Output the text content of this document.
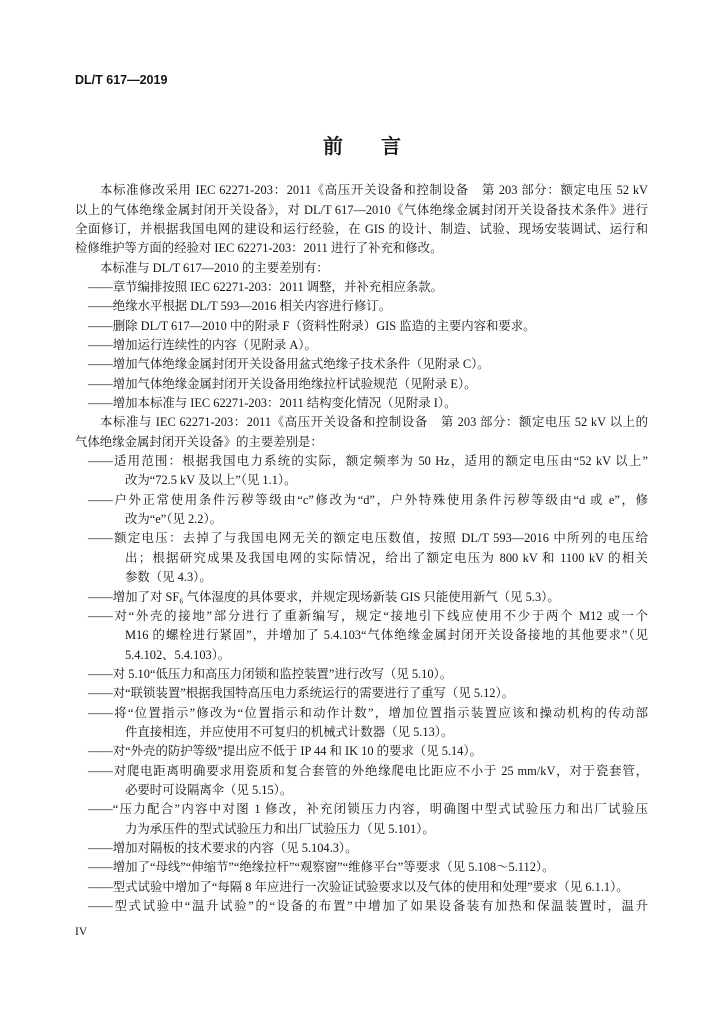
DL/T 617—2019
前　言
本标准修改采用 IEC 62271-203：2011《高压开关设备和控制设备　第 203 部分：额定电压 52 kV
以上的气体绝缘金属封闭开关设备》，对 DL/T 617—2010《气体绝缘金属封闭开关设备技术条件》进行
全面修订，并根据我国电网的建设和运行经验，在 GIS 的设计、制造、试验、现场安装调试、运行和
检修维护等方面的经验对 IEC 62271-203：2011 进行了补充和修改。
本标准与 DL/T 617—2010 的主要差别有：
——章节编排按照 IEC 62271-203：2011 调整，并补充相应条款。
——绝缘水平根据 DL/T 593—2016 相关内容进行修订。
——删除 DL/T 617—2010 中的附录 F（资料性附录）GIS 监造的主要内容和要求。
——增加运行连续性的内容（见附录 A）。
——增加气体绝缘金属封闭开关设备用盆式绝缘子技术条件（见附录 C）。
——增加气体绝缘金属封闭开关设备用绝缘拉杆试验规范（见附录 E）。
——增加本标准与 IEC 62271-203：2011 结构变化情况（见附录 I）。
本标准与 IEC 62271-203：2011《高压开关设备和控制设备　第 203 部分：额定电压 52 kV 以上的
气体绝缘金属封闭开关设备》的主要差别是：
——适用范围：根据我国电力系统的实际，额定频率为 50 Hz，适用的额定电压由“52 kV 以上”
改为“72.5 kV 及以上”（见 1.1）。
——户外正常使用条件污秽等级由“c”修改为“d”，户外特殊使用条件污秽等级由“d 或 e”，修
改为“e”（见 2.2）。
——额定电压：去掉了与我国电网无关的额定电压数值，按照 DL/T 593—2016 中所列的电压给
出；根据研究成果及我国电网的实际情况，给出了额定电压为 800 kV 和 1100 kV 的相关
参数（见 4.3）。
——增加了对 SF₆ 气体湿度的具体要求，并规定现场新装 GIS 只能使用新气（见 5.3）。
——对“外壳的接地”部分进行了重新编写，规定“接地引下线应使用不少于两个 M12 或一个
M16 的螺栓进行紧固”，并增加了 5.4.103“气体绝缘金属封闭开关设备接地的其他要求”（见
5.4.102、5.4.103）。
——对 5.10“低压力和高压力闭锁和监控装置”进行改写（见 5.10）。
——对“联锁装置”根据我国特高压电力系统运行的需要进行了重写（见 5.12）。
——将“位置指示”修改为“位置指示和动作计数”，增加位置指示装置应该和操动机构的传动部
件直接相连，并应使用不可复归的机械式计数器（见 5.13）。
——对“外壳的防护等级”提出应不低于 IP 44 和 IK 10 的要求（见 5.14）。
——对爬电距离明确要求用瓷质和复合套管的外绝缘爬电比距应不小于 25 mm/kV，对于瓷套管，
必要时可设隔离伞（见 5.15）。
——“压力配合”内容中对图 1 修改，补充闭锁压力内容，明确图中型式试验压力和出厂试验压
力为承压件的型式试验压力和出厂试验压力（见 5.101）。
——增加对隔板的技术要求的内容（见 5.104.3）。
——增加了“母线”“伸缩节”“绝缘拉杆”“观察窗”“维修平台”等要求（见 5.108～5.112）。
——型式试验中增加了“每隔 8 年应进行一次验证试验要求以及气体的使用和处理”要求（见 6.1.1）。
——型式试验中“温升试验”的“设备的布置”中增加了如果设备装有加热和保温装置时，温升
IV
